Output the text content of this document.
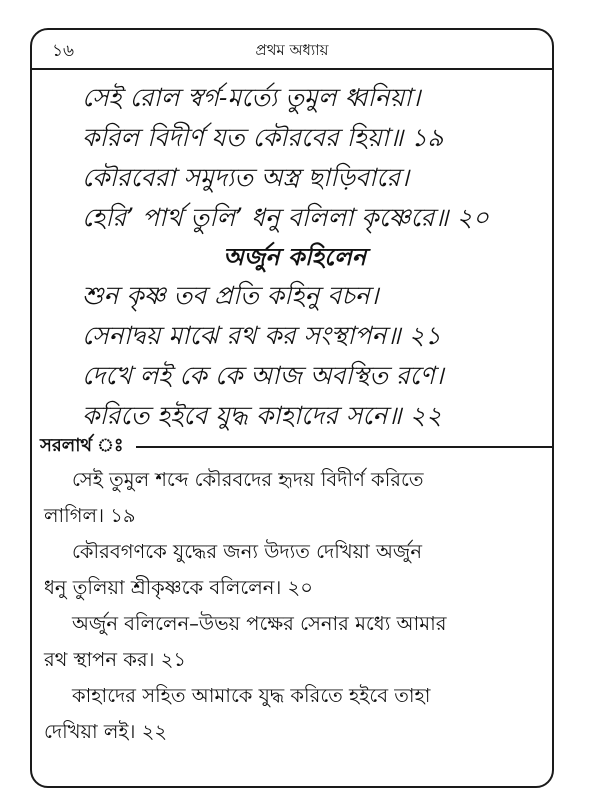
১৬	প্রথম অধ্যায়
সেই রোল স্বর্গ-মর্ত্যে তুমুল ধ্বনিয়া।
করিল বিদীর্ণ যত কৌরবের হিয়া॥ ১৯
কৌরবেরা সমুদ্যত অস্ত্র ছাড়িবারে।
হেরি’ পার্থ তুলি’ ধনু বলিলা কৃষ্ণেরে॥ ২০
অর্জুন কহিলেন
শুন কৃষ্ণ তব প্রতি কহিনু বচন।
সেনাদ্বয় মাঝে রথ কর সংস্থাপন॥ ২১
দেখে লই কে কে আজ অবস্থিত রণে।
করিতে হইবে যুদ্ধ কাহাদের সনে॥ ২২
সরলার্থ ঃ
সেই তুমুল শব্দে কৌরবদের হৃদয় বিদীর্ণ করিতে
লাগিল। ১৯
কৌরবগণকে যুদ্ধের জন্য উদ্যত দেখিয়া অর্জুন
ধনু তুলিয়া শ্রীকৃষ্ণকে বলিলেন। ২০
অর্জুন বলিলেন–উভয় পক্ষের সেনার মধ্যে আমার
রথ স্থাপন কর। ২১
কাহাদের সহিত আমাকে যুদ্ধ করিতে হইবে তাহা
দেখিয়া লই। ২২
